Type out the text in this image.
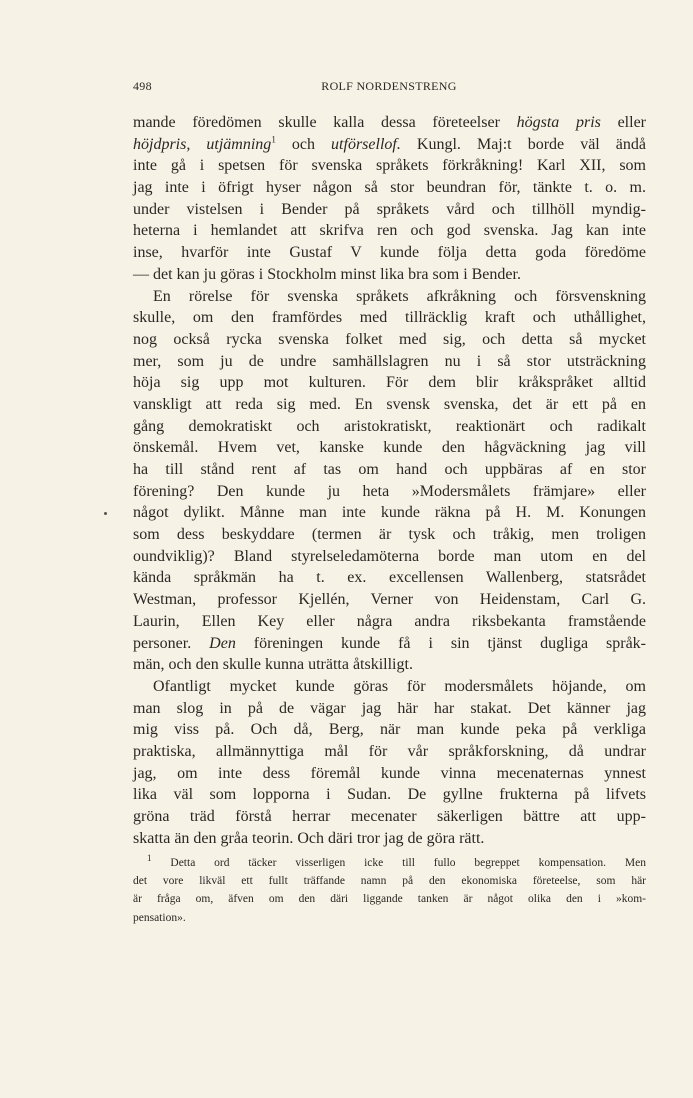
498	ROLF NORDENSTRENG
mande föredömen skulle kalla dessa företeelser högsta pris eller
höjdpris, utjämning$^1$ och utförsellof. Kungl. Maj:t borde väl ändå
inte gå i spetsen för svenska språkets förkråkning! Karl XII, som
jag inte i öfrigt hyser någon så stor beundran för, tänkte t. o. m.
under vistelsen i Bender på språkets vård och tillhöll myndig-
heterna i hemlandet att skrifva ren och god svenska. Jag kan inte
inse, hvarför inte Gustaf V kunde följa detta goda föredöme
— det kan ju göras i Stockholm minst lika bra som i Bender.
En rörelse för svenska språkets afkråkning och försvenskning
skulle, om den framfördes med tillräcklig kraft och uthållighet,
nog också rycka svenska folket med sig, och detta så mycket
mer, som ju de undre samhällslagren nu i så stor utsträckning
höja sig upp mot kulturen. För dem blir kråkspråket alltid
vanskligt att reda sig med. En svensk svenska, det är ett på en
gång demokratiskt och aristokratiskt, reaktionärt och radikalt
önskemål. Hvem vet, kanske kunde den hågväckning jag vill
ha till stånd rent af tas om hand och uppbäras af en stor
förening? Den kunde ju heta »Modersmålets främjare» eller
något dylikt. Månne man inte kunde räkna på H. M. Konungen
som dess beskyddare (termen är tysk och tråkig, men troligen
oundviklig)? Bland styrelseledamöterna borde man utom en del
kända språkmän ha t. ex. excellensen Wallenberg, statsrådet
Westman, professor Kjellén, Verner von Heidenstam, Carl G.
Laurin, Ellen Key eller några andra riksbekanta framstående
personer. Den föreningen kunde få i sin tjänst dugliga språk-
män, och den skulle kunna uträtta åtskilligt.
Ofantligt mycket kunde göras för modersmålets höjande, om
man slog in på de vägar jag här har stakat. Det känner jag
mig viss på. Och då, Berg, när man kunde peka på verkliga
praktiska, allmännyttiga mål för vår språkforskning, då undrar
jag, om inte dess föremål kunde vinna mecenaternas ynnest
lika väl som lopporna i Sudan. De gyllne frukterna på lifvets
gröna träd förstå herrar mecenater säkerligen bättre att upp-
skatta än den gråa teorin. Och däri tror jag de göra rätt.
$^1$ Detta ord täcker visserligen icke till fullo begreppet kompensation. Men
det vore likväl ett fullt träffande namn på den ekonomiska företeelse, som här
är fråga om, äfven om den däri liggande tanken är något olika den i »kom-
pensation».
